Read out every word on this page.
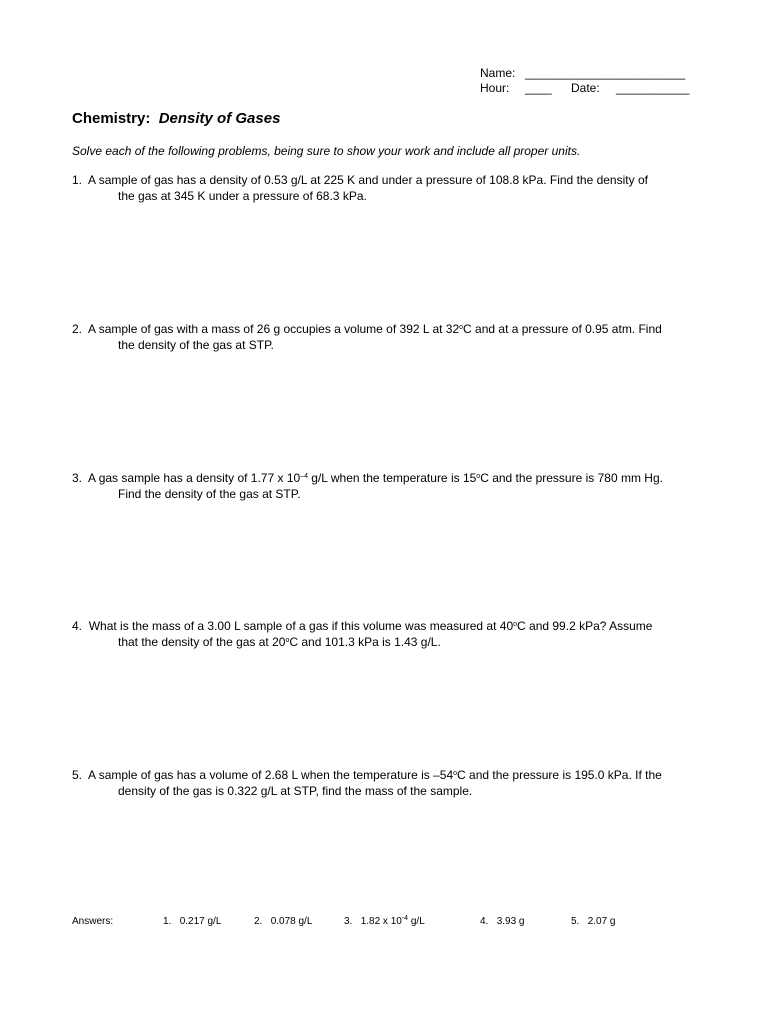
Name: ________________________
Hour: ____ Date: ___________
Chemistry: Density of Gases
Solve each of the following problems, being sure to show your work and include all proper units.
1. A sample of gas has a density of 0.53 g/L at 225 K and under a pressure of 108.8 kPa. Find the density of
the gas at 345 K under a pressure of 68.3 kPa.
2. A sample of gas with a mass of 26 g occupies a volume of 392 L at 32$^o$C and at a pressure of 0.95 atm. Find
the density of the gas at STP.
3. A gas sample has a density of 1.77 x $10^{-4}$ g/L when the temperature is 15$^o$C and the pressure is 780 mm Hg.
Find the density of the gas at STP.
4. What is the mass of a 3.00 L sample of a gas if this volume was measured at 40$^o$C and 99.2 kPa? Assume
that the density of the gas at 20$^o$C and 101.3 kPa is 1.43 g/L.
5. A sample of gas has a volume of 2.68 L when the temperature is –54$^o$C and the pressure is 195.0 kPa. If the
density of the gas is 0.322 g/L at STP, find the mass of the sample.
Answers:	1. 0.217 g/L	2. 0.078 g/L	3. 1.82 x $10^{-4}$ g/L	4. 3.93 g	5. 2.07 g
